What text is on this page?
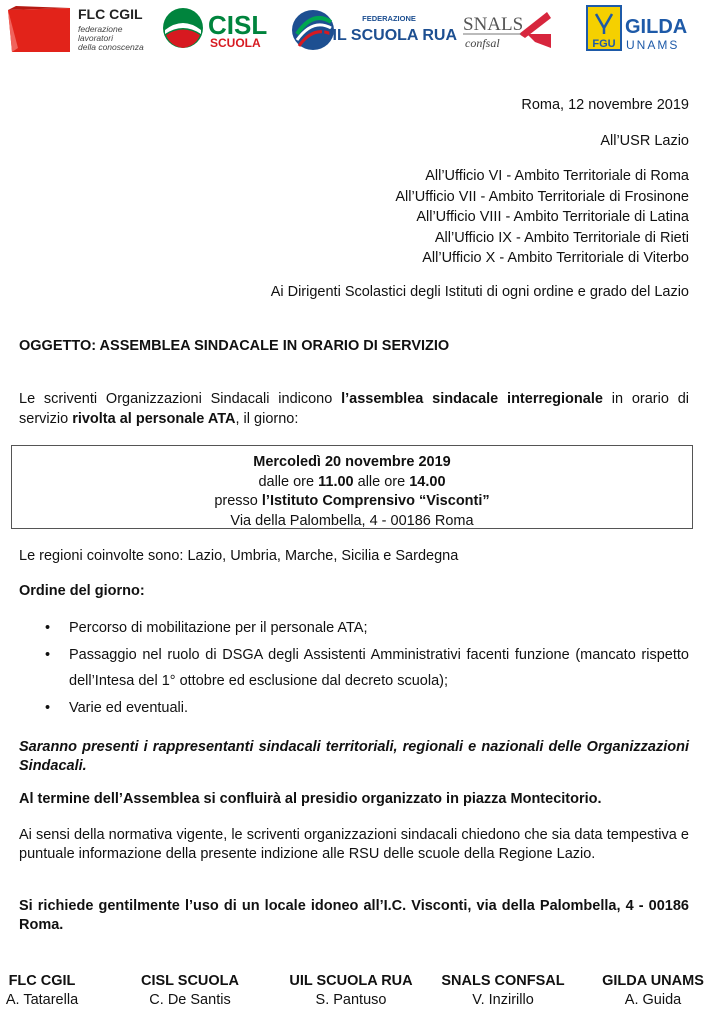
FLC CGIL
federazione
lavoratori
della conoscenza
CISL
SCUOLA
FEDERAZIONE
UIL SCUOLA RUA
SNALS
confsal	FGU
GILDA
UNAMS
Roma, 12 novembre 2019
All’USR Lazio
All’Ufficio VI - Ambito Territoriale di Roma
All’Ufficio VII - Ambito Territoriale di Frosinone
All’Ufficio VIII - Ambito Territoriale di Latina
All’Ufficio IX - Ambito Territoriale di Rieti
All’Ufficio X - Ambito Territoriale di Viterbo
Ai Dirigenti Scolastici degli Istituti di ogni ordine e grado del Lazio
OGGETTO: ASSEMBLEA SINDACALE IN ORARIO DI SERVIZIO
Le scriventi Organizzazioni Sindacali indicono l’assemblea sindacale interregionale in orario di servizio rivolta al personale ATA, il giorno:
Mercoledì 20 novembre 2019
dalle ore 11.00 alle ore 14.00
presso l’Istituto Comprensivo “Visconti”
Via della Palombella, 4 - 00186 Roma
Le regioni coinvolte sono: Lazio, Umbria, Marche, Sicilia e Sardegna
Ordine del giorno:
• Percorso di mobilitazione per il personale ATA;
• Passaggio nel ruolo di DSGA degli Assistenti Amministrativi facenti funzione (mancato rispetto dell’Intesa del 1° ottobre ed esclusione dal decreto scuola);
• Varie ed eventuali.
Saranno presenti i rappresentanti sindacali territoriali, regionali e nazionali delle Organizzazioni Sindacali.
Al termine dell’Assemblea si confluirà al presidio organizzato in piazza Montecitorio.
Ai sensi della normativa vigente, le scriventi organizzazioni sindacali chiedono che sia data tempestiva e puntuale informazione della presente indizione alle RSU delle scuole della Regione Lazio.
Si richiede gentilmente l’uso di un locale idoneo all’I.C. Visconti, via della Palombella, 4 - 00186 Roma.
FLC CGIL
A. Tatarella
CISL SCUOLA
C. De Santis
UIL SCUOLA RUA
S. Pantuso
SNALS CONFSAL
V. Inzirillo
GILDA UNAMS
A. Guida
